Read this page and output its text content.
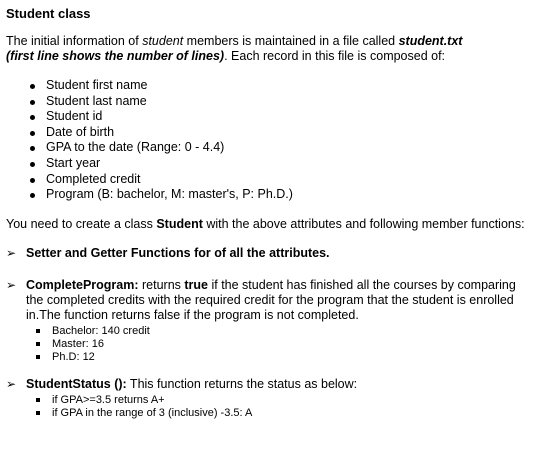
Student class

The initial information of student members is maintained in a file called student.txt
(first line shows the number of lines). Each record in this file is composed of:

Student first name
Student last name
Student id
Date of birth
GPA to the date (Range: 0 - 4.4)
Start year
Completed credit
Program (B: bachelor, M: master's, P: Ph.D.)

You need to create a class Student with the above attributes and following member functions:

➢ Setter and Getter Functions for of all the attributes.
➢ CompleteProgram: returns true if the student has finished all the courses by comparing the completed credits with the required credit for the program that the student is enrolled in.The function returns false if the program is not completed.
Bachelor: 140 credit
Master: 16
Ph.D: 12
➢ StudentStatus (): This function returns the status as below:
if GPA>=3.5 returns A+
if GPA in the range of 3 (inclusive) -3.5: A
